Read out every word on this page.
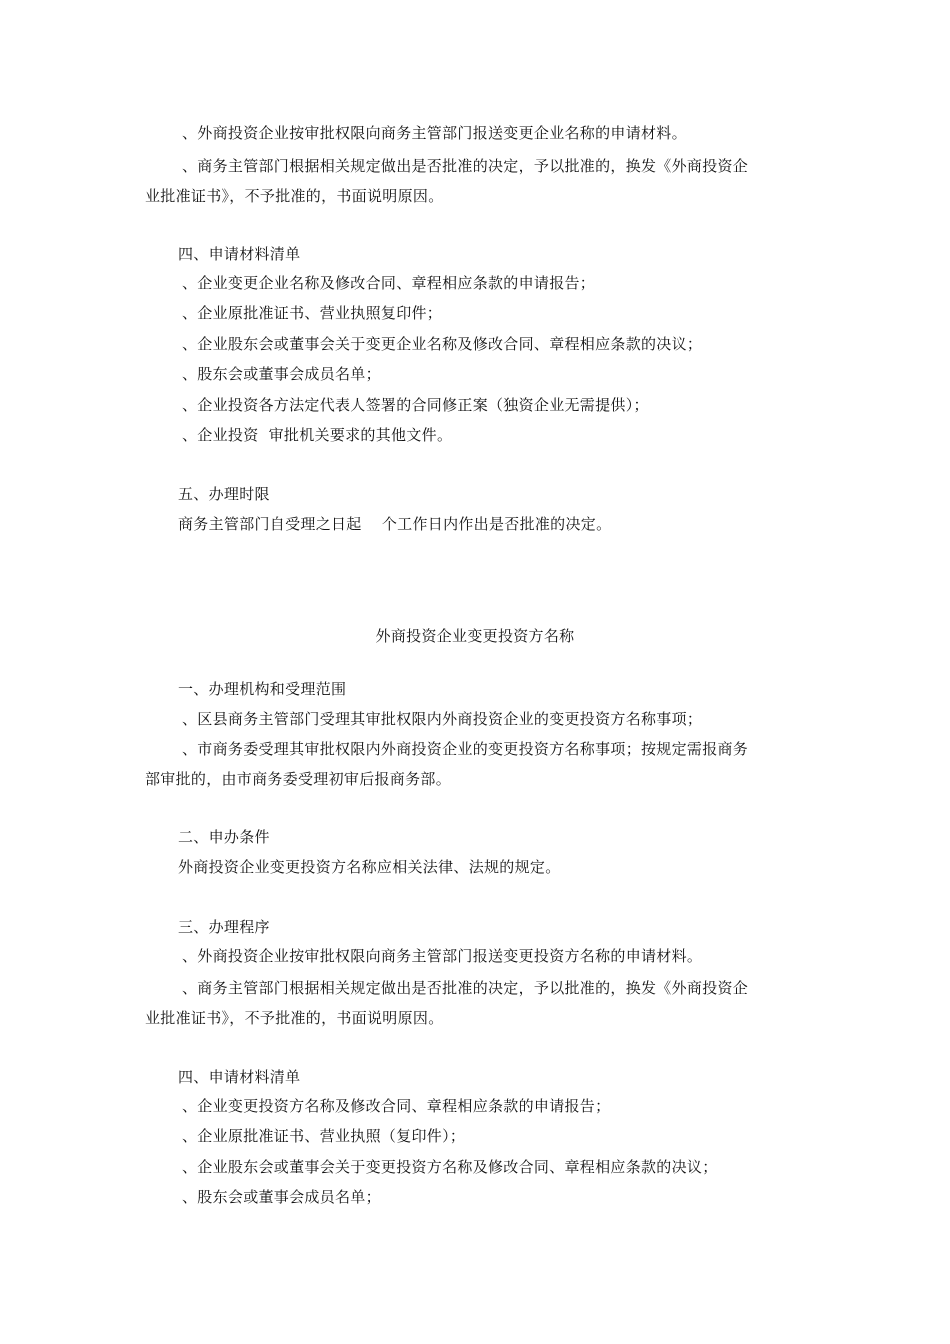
、外商投资企业按审批权限向商务主管部门报送变更企业名称的申请材料。
、商务主管部门根据相关规定做出是否批准的决定，予以批准的，换发《外商投资企
业批准证书》，不予批准的，书面说明原因。
四、申请材料清单
、企业变更企业名称及修改合同、章程相应条款的申请报告；
、企业原批准证书、营业执照复印件；
、企业股东会或董事会关于变更企业名称及修改合同、章程相应条款的决议；
、股东会或董事会成员名单；
、企业投资各方法定代表人签署的合同修正案（独资企业无需提供）；
、企业投资  审批机关要求的其他文件。
五、办理时限
商务主管部门自受理之日起    个工作日内作出是否批准的决定。
外商投资企业变更投资方名称
一、办理机构和受理范围
、区县商务主管部门受理其审批权限内外商投资企业的变更投资方名称事项；
、市商务委受理其审批权限内外商投资企业的变更投资方名称事项；按规定需报商务
部审批的，由市商务委受理初审后报商务部。
二、申办条件
外商投资企业变更投资方名称应相关法律、法规的规定。
三、办理程序
、外商投资企业按审批权限向商务主管部门报送变更投资方名称的申请材料。
、商务主管部门根据相关规定做出是否批准的决定，予以批准的，换发《外商投资企
业批准证书》，不予批准的，书面说明原因。
四、申请材料清单
、企业变更投资方名称及修改合同、章程相应条款的申请报告；
、企业原批准证书、营业执照（复印件）；
、企业股东会或董事会关于变更投资方名称及修改合同、章程相应条款的决议；
、股东会或董事会成员名单；
